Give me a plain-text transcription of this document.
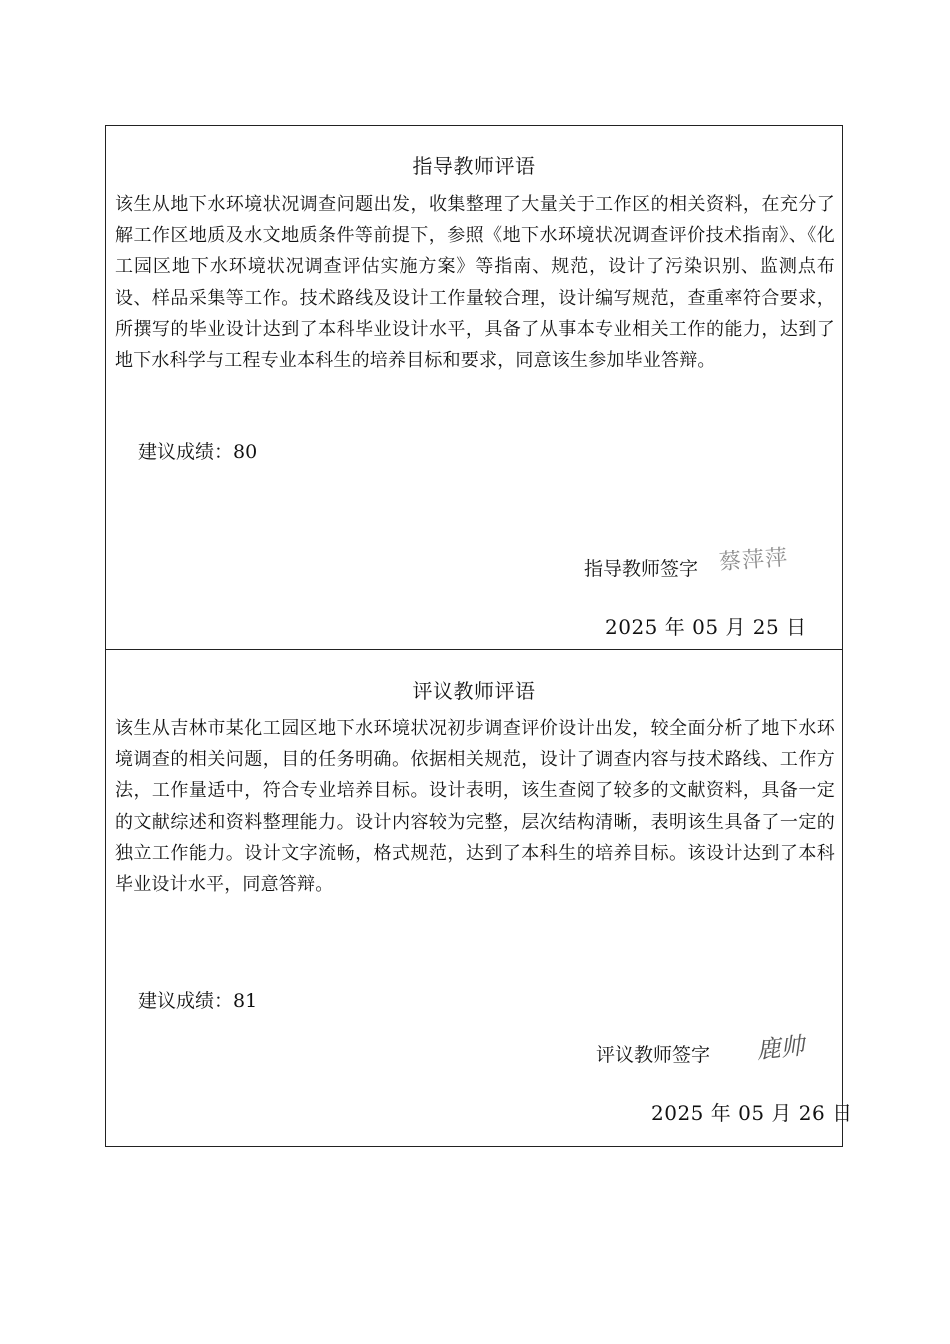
指导教师评语
该生从地下水环境状况调查问题出发，收集整理了大量关于工作区的相关资料，在充分了解工作区地质及水文地质条件等前提下，参照《地下水环境状况调查评价技术指南》、《化工园区地下水环境状况调查评估实施方案》等指南、规范，设计了污染识别、监测点布设、样品采集等工作。技术路线及设计工作量较合理，设计编写规范，查重率符合要求，所撰写的毕业设计达到了本科毕业设计水平，具备了从事本专业相关工作的能力，达到了地下水科学与工程专业本科生的培养目标和要求，同意该生参加毕业答辩。
建议成绩：80
指导教师签字 蔡萍萍
2025 年 05 月 25 日
评议教师评语
该生从吉林市某化工园区地下水环境状况初步调查评价设计出发，较全面分析了地下水环境调查的相关问题，目的任务明确。依据相关规范，设计了调查内容与技术路线、工作方法，工作量适中，符合专业培养目标。设计表明，该生查阅了较多的文献资料，具备一定的文献综述和资料整理能力。设计内容较为完整，层次结构清晰，表明该生具备了一定的独立工作能力。设计文字流畅，格式规范，达到了本科生的培养目标。该设计达到了本科毕业设计水平，同意答辩。
建议成绩：81
评议教师签字 鹿帅
2025 年 05 月 26 日
